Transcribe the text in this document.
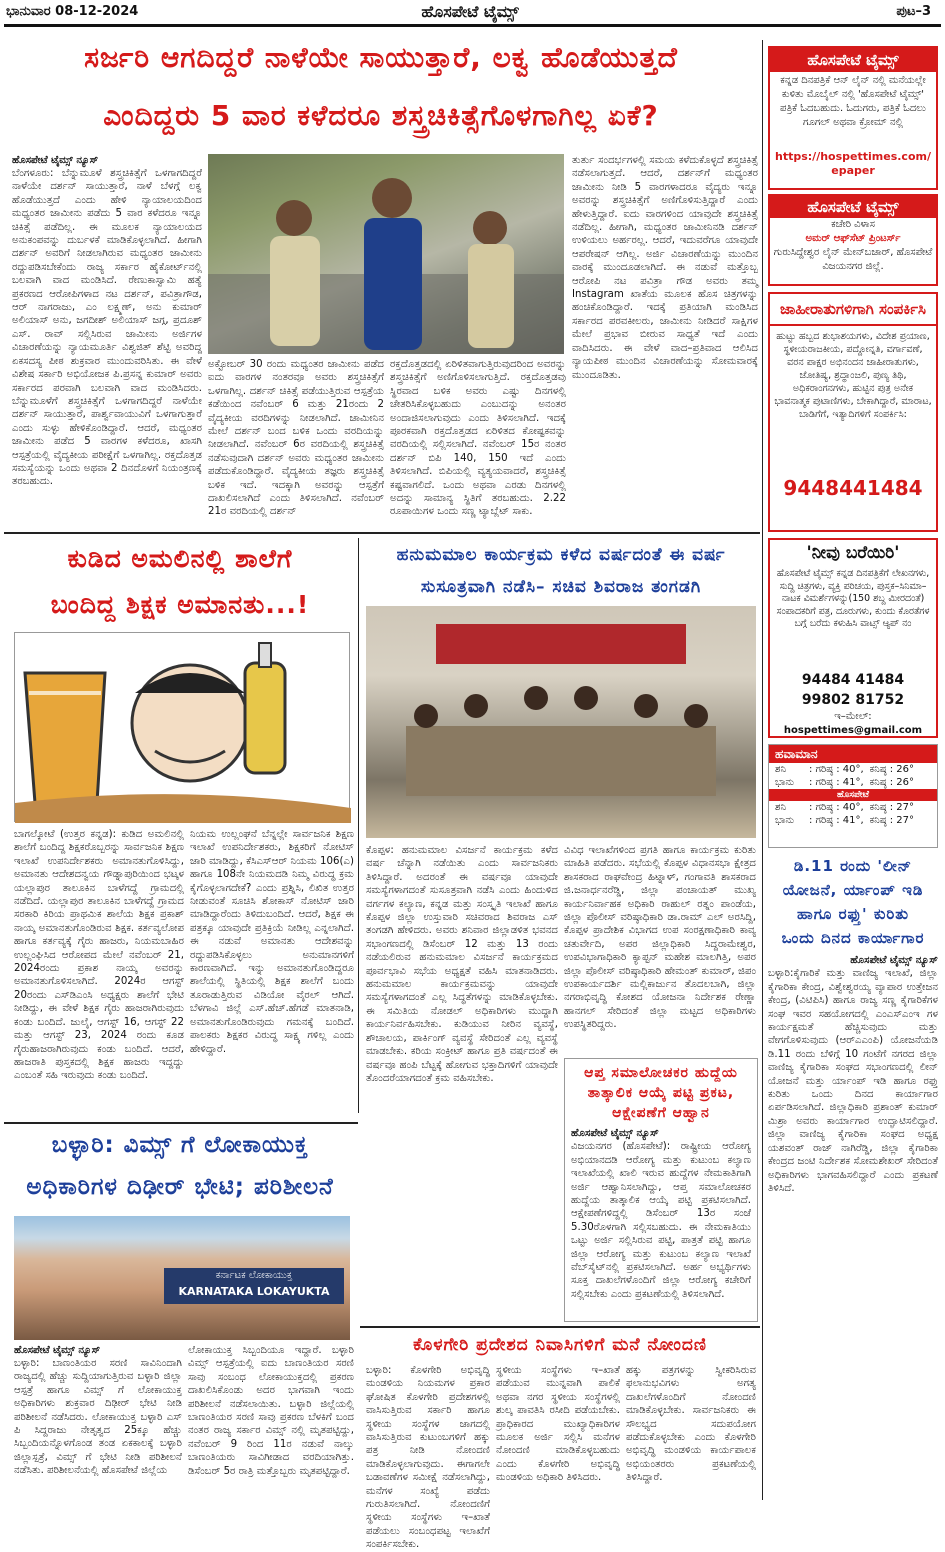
ಭಾನುವಾರ 08-12-2024	ಹೊಸಪೇಟೆ ಟೈಮ್ಸ್	ಪುಟ–3
ಸರ್ಜರಿ ಆಗದಿದ್ದರೆ ನಾಳೆಯೇ ಸಾಯುತ್ತಾರೆ, ಲಕ್ವ ಹೊಡೆಯುತ್ತದೆ
ಎಂದಿದ್ದರು 5 ವಾರ ಕಳೆದರೂ ಶಸ್ತ್ರಚಿಕಿತ್ಸೆಗೊಳಗಾಗಿಲ್ಲ ಏಕೆ?
ಹೊಸಪೇಟೆ ಟೈಮ್ಸ್ ನ್ಯೂಸ್
ಬೆಂಗಳೂರು: ಬೆನ್ನುಮೂಳೆ ಶಸ್ತ್ರಚಿಕಿತ್ಸೆಗೆ ಒಳಗಾಗದಿದ್ದರೆ ನಾಳೆಯೇ ದರ್ಶನ್ ಸಾಯುತ್ತಾರೆ, ನಾಳೆ ಬೆಳಗ್ಗೆ ಲಕ್ವ ಹೊಡೆಯುತ್ತದೆ ಎಂದು ಹೇಳಿ ನ್ಯಾಯಾಲಯದಿಂದ ಮಧ್ಯಂತರ ಜಾಮೀನು ಪಡೆದು 5 ವಾರ ಕಳೆದರೂ ಇನ್ನೂ ಚಿಕಿತ್ಸೆ ಪಡೆದಿಲ್ಲ. ಈ ಮೂಲಕ ನ್ಯಾಯಾಲಯದ ಅನುಕಂಪವನ್ನು ದುರ್ಬಳಕೆ ಮಾಡಿಕೊಳ್ಳಲಾಗಿದೆ. ಹೀಗಾಗಿ ದರ್ಶನ್ ಅವರಿಗೆ ನೀಡಲಾಗಿರುವ ಮಧ್ಯಂತರ ಜಾಮೀನು ರದ್ದುಪಡಿಸಬೇಕೆಂದು ರಾಜ್ಯ ಸರ್ಕಾರ ಹೈಕೋರ್ಟ್‌ನಲ್ಲಿ ಬಲವಾಗಿ ವಾದ ಮಂಡಿಸಿದೆ. ರೇಣುಕಾಸ್ವಾಮಿ ಹತ್ಯೆ ಪ್ರಕರಣದ ಆರೋಪಿಗಳಾದ ನಟ ದರ್ಶನ್, ಪವಿತ್ರಾಗೌಡ, ಆರ್ ನಾಗರಾಜು, ಎಂ ಲಕ್ಷ್ಮಣ್, ಅನು ಕುಮಾರ್ ಅಲಿಯಾಸ್ ಅನು, ಜಗದೀಶ್ ಅಲಿಯಾಸ್ ಜಗ್ಗ, ಪ್ರದೂಶ್ ಎಸ್. ರಾವ್ ಸಲ್ಲಿಸಿರುವ ಜಾಮೀನು ಅರ್ಜಿಗಳ ವಿಚಾರಣೆಯನ್ನು ನ್ಯಾಯಮೂರ್ತಿ ವಿಶ್ವಜಿತ್ ಶೆಟ್ಟಿ ಅವರಿದ್ದ ಏಕಸದಸ್ಯ ಪೀಠ ಶುಕ್ರವಾರ ಮುಂದುವರಿಸಿತು. ಈ ವೇಳೆ ವಿಶೇಷ ಸರ್ಕಾರಿ ಅಭಿಯೋಜಕ ಪಿ.ಪ್ರಸನ್ನ ಕುಮಾರ್ ಅವರು ಸರ್ಕಾರದ ಪರವಾಗಿ ಬಲವಾಗಿ ವಾದ ಮಂಡಿಸಿದರು. ಬೆನ್ನುಮೂಳೆಗೆ ಶಸ್ತ್ರಚಿಕಿತ್ಸೆಗೆ ಒಳಗಾಗದಿದ್ದರೆ ನಾಳೆಯೇ ದರ್ಶನ್ ಸಾಯುತ್ತಾರೆ, ಪಾರ್ಶ್ವವಾಯುವಿಗೆ ಒಳಗಾಗುತ್ತಾರೆ ಎಂದು ಸುಳ್ಳು ಹೇಳಿಕೊಂಡಿದ್ದಾರೆ. ಆದರೆ, ಮಧ್ಯಂತರ ಜಾಮೀನು ಪಡೆದ 5 ವಾರಗಳ ಕಳೆದರೂ, ಖಾಸಗಿ ಆಸ್ಪತ್ರೆಯಲ್ಲಿ ವೈದ್ಯಕೀಯ ಪರೀಕ್ಷೆಗೆ ಒಳಗಾಗಿಲ್ಲ. ರಕ್ತದೊತ್ತಡ ಸಮಸ್ಯೆಯನ್ನು ಒಂದು ಅಥವಾ 2 ದಿನದೊಳಗೆ ನಿಯಂತ್ರಣಕ್ಕೆ ತರಬಹುದು.
ಅಕ್ಟೋಬರ್ 30 ರಂದು ಮಧ್ಯಂತರ ಜಾಮೀನು ಪಡೆದ ಐದು ವಾರಗಳ ನಂತರವೂ ಅವರು ಶಸ್ತ್ರಚಿಕಿತ್ಸೆಗೆ ಒಳಗಾಗಿಲ್ಲ. ದರ್ಶನ್ ಚಿಕಿತ್ಸೆ ಪಡೆಯುತ್ತಿರುವ ಆಸ್ಪತ್ರೆಯ ಕಡೆಯಿಂದ ನವೆಂಬರ್ 6 ಮತ್ತು 21ರಂದು 2 ವೈದ್ಯಕೀಯ ವರದಿಗಳನ್ನು ನೀಡಲಾಗಿದೆ. ಜಾಮೀನಿನ ಮೇಲೆ ದರ್ಶನ್ ಬಂದ ಬಳಿಕ ಒಂದು ವರದಿಯನ್ನು ನೀಡಲಾಗಿದೆ. ನವೆಂಬರ್ 6ರ ವರದಿಯಲ್ಲಿ ಶಸ್ತ್ರಚಿಕಿತ್ಸೆ ನಡೆಸುವುದಾಗಿ ದರ್ಶನ್ ಅವರು ಮಧ್ಯಂತರ ಜಾಮೀನು ಪಡೆದುಕೊಂಡಿದ್ದಾರೆ. ವೈದ್ಯಕೀಯ ತಜ್ಞರು ಶಸ್ತ್ರಚಿಕಿತ್ಸೆ ಬಳಿಕ ಇದೆ. ಇದಕ್ಕಾಗಿ ಅವರನ್ನು ಆಸ್ಪತ್ರೆಗೆ ದಾಖಲಿಸಲಾಗಿದೆ ಎಂದು ತಿಳಿಸಲಾಗಿದೆ. ನವೆಂಬರ್ 21ರ ವರದಿಯಲ್ಲಿ ದರ್ಶನ್
ರಕ್ತದೊತ್ತಡದಲ್ಲಿ ಏರಿಳಿತವಾಗುತ್ತಿರುವುದರಿಂದ ಅವರನ್ನು ಶಸ್ತ್ರಚಿಕಿತ್ಸೆಗೆ ಅಣಿಗೊಳಿಸಲಾಗುತ್ತಿದೆ. ರಕ್ತದೊತ್ತಡವು ಸ್ಥಿರವಾದ ಬಳಿಕ ಅವರು ಎಷ್ಟು ದಿನಗಳಲ್ಲಿ ಚೇತರಿಸಿಕೊಳ್ಳಬಹುದು ಎಂಬುದನ್ನು ಅನಂತರ ಅಂದಾಜಿಸಲಾಗುವುದು ಎಂದು ತಿಳಿಸಲಾಗಿದೆ. ಇದಕ್ಕೆ ಪೂರಕವಾಗಿ ರಕ್ತದೊತ್ತಡದ ಏರಿಳಿತದ ಕೋಷ್ಟಕವನ್ನು ವರದಿಯಲ್ಲಿ ಸಲ್ಲಿಸಲಾಗಿದೆ. ನವೆಂಬರ್ 15ರ ನಂತರ ದರ್ಶನ್ ಬಿಪಿ 140, 150 ಇದೆ ಎಂದು ತಿಳಿಸಲಾಗಿದೆ. ಬಿಪಿಯಲ್ಲಿ ವ್ಯತ್ಯಯವಾದರೆ, ಶಸ್ತ್ರಚಿಕಿತ್ಸೆ ಕಷ್ಟವಾಗಲಿದೆ. ಒಂದು ಅಥವಾ ಎರಡು ದಿನಗಳಲ್ಲಿ ಅದನ್ನು ಸಾಮಾನ್ಯ ಸ್ಥಿತಿಗೆ ತರಬಹುದು. 2.22 ರೂಪಾಯಿಗಳ ಒಂದು ಸಣ್ಣ ಟ್ಯಾಬ್ಲೆಟ್ ಸಾಕು.
ತುರ್ತು ಸಂದರ್ಭಗಳಲ್ಲಿ ಸಮಯ ಕಳೆದುಕೊಳ್ಳದೆ ಶಸ್ತ್ರಚಿಕಿತ್ಸೆ ನಡೆಸಲಾಗುತ್ತದೆ. ಆದರೆ, ದರ್ಶನ್‌ಗೆ ಮಧ್ಯಂತರ ಜಾಮೀನು ನೀಡಿ 5 ವಾರಗಳಾದರೂ ವೈದ್ಯರು ಇನ್ನೂ ಅವರನ್ನು ಶಸ್ತ್ರಚಿಕಿತ್ಸೆಗೆ ಅಣಿಗೊಳಿಸುತ್ತಿದ್ದಾರೆ ಎಂದು ಹೇಳುತ್ತಿದ್ದಾರೆ. ಐದು ವಾರಗಳಿಂದ ಯಾವುದೇ ಶಸ್ತ್ರಚಿಕಿತ್ಸೆ ನಡೆದಿಲ್ಲ. ಹೀಗಾಗಿ, ಮಧ್ಯಂತರ ಜಾಮೀನಿನಡಿ ದರ್ಶನ್ ಉಳಿಯಲು ಅರ್ಹರಲ್ಲ. ಆದರೆ, ಇದುವರೆಗೂ ಯಾವುದೇ ಆಪರೇಷನ್ ಆಗಿಲ್ಲ. ಅರ್ಜಿ ವಿಚಾರಣೆಯನ್ನು ಮುಂದಿನ ವಾರಕ್ಕೆ ಮುಂದೂಡಲಾಗಿದೆ. ಈ ನಡುವೆ ಮತ್ತೊಬ್ಬ ಆರೋಪಿ ನಟ ಪವಿತ್ರಾ ಗೌಡ ಅವರು ತಮ್ಮ Instagram ಖಾತೆಯ ಮೂಲಕ ಹೊಸ ಚಿತ್ರಗಳನ್ನು ಹಂಚಿಕೊಂಡಿದ್ದಾರೆ. ಇದಕ್ಕೆ ಪ್ರತಿಯಾಗಿ ಮಂಡಿಸಿದ ಸರ್ಕಾರದ ಪರವಕೀಲರು, ಜಾಮೀನು ನೀಡಿದರೆ ಸಾಕ್ಷಿಗಳ ಮೇಲೆ ಪ್ರಭಾವ ಬೀರುವ ಸಾಧ್ಯತೆ ಇದೆ ಎಂದು ವಾದಿಸಿದರು. ಈ ವೇಳೆ ವಾದ–ಪ್ರತಿವಾದ ಆಲಿಸಿದ ನ್ಯಾಯಪೀಠ ಮುಂದಿನ ವಿಚಾರಣೆಯನ್ನು ಸೋಮವಾರಕ್ಕೆ ಮುಂದೂಡಿತು.
ಕುಡಿದ ಅಮಲಿನಲ್ಲಿ ಶಾಲೆಗೆ
ಬಂದಿದ್ದ ಶಿಕ್ಷಕ ಅಮಾನತು...!
ಬಾಗಲ್ಕೋಟೆ (ಉತ್ತರ ಕನ್ನಡ): ಕುಡಿದ ಅಮಲಿನಲ್ಲಿ ಶಾಲೆಗೆ ಬಂದಿದ್ದ ಶಿಕ್ಷಕರೊಬ್ಬರನ್ನು ಸಾರ್ವಜನಿಕ ಶಿಕ್ಷಣ ಇಲಾಖೆ ಉಪನಿರ್ದೇಶಕರು ಅಮಾನತುಗೊಳಿಸಿದ್ದು, ಅಮಾನತು ಆದೇಶದನ್ವಯ ಗೌಡ್ನಾಪುರಿಯಿಂದ ಭಟ್ಕಳ ಯಲ್ಲಾಪುರ ತಾಲೂಕಿನ ಬಾಳೆಗದ್ದೆ ಗ್ರಾಮದಲ್ಲಿ ನಡೆದಿದೆ. ಯಲ್ಲಾಪುರ ತಾಲೂಕಿನ ಬಾಳೆಗದ್ದೆ ಗ್ರಾಮದ ಸರಕಾರಿ ಕಿರಿಯ ಪ್ರಾಥಮಿಕ ಶಾಲೆಯ ಶಿಕ್ಷಕ ಪ್ರಕಾಶ್ ನಾಯ್ಕ ಅಮಾನತುಗೊಂಡಿರುವ ಶಿಕ್ಷಕ. ಕರ್ತವ್ಯಲೋಪ ಹಾಗೂ ಕರ್ತವ್ಯಕ್ಕೆ ಗೈರು ಹಾಜರು, ನಿಯಮಬಾಹಿರ ಉಲ್ಲಂಘಿಸಿದ ಆರೋಪದ ಮೇಲೆ ನವೆಂಬರ್ 21, 2024ರಂದು ಪ್ರಕಾಶ ನಾಯ್ಕ ಅವರನ್ನು ಅಮಾನತುಗೊಳಿಸಲಾಗಿದೆ. 2024ರ ಆಗಸ್ಟ್ 20ರಂದು ಎಸ್‌ಡಿಎಂಸಿ ಅಧ್ಯಕ್ಷರು ಶಾಲೆಗೆ ಭೇಟಿ ನೀಡಿದ್ದು, ಈ ವೇಳೆ ಶಿಕ್ಷಕ ಗೈರು ಹಾಜರಾಗಿರುವುದು ಕಂಡು ಬಂದಿದೆ. ಜುಲೈ, ಆಗಸ್ಟ್ 16, ಆಗಸ್ಟ್ 22 ಮತ್ತು ಆಗಸ್ಟ್ 23, 2024 ರಂದು ಕೂಡ ಗೈರುಹಾಜರಾಗಿರುವುದು ಕಂಡು ಬಂದಿದೆ. ಆದರೆ, ಹಾಜರಾತಿ ಪುಸ್ತಕದಲ್ಲಿ ಶಿಕ್ಷಕ ಹಾಜರು ಇದ್ದದ್ದು ಎಂಬಂತೆ ಸಹಿ ಇರುವುದು ಕಂಡು ಬಂದಿದೆ.
ನಿಯಮ ಉಲ್ಲಂಘನೆ ಬೆನ್ನಲ್ಲೇ ಸಾರ್ವಜನಿಕ ಶಿಕ್ಷಣ ಇಲಾಖೆ ಉಪನಿರ್ದೇಶಕರು, ಶಿಕ್ಷಕರಿಗೆ ನೋಟಿಸ್ ಜಾರಿ ಮಾಡಿದ್ದು, ಕೆಸಿಎಸ್‌ಆರ್ ನಿಯಮ 106(ಎ) ಹಾಗೂ 108ನೇ ನಿಯಮದಡಿ ನಿಮ್ಮ ವಿರುದ್ಧ ಕ್ರಮ ಕೈಗೊಳ್ಳಲಾಗದೇಕೆ? ಎಂದು ಪ್ರಶ್ನಿಸಿ, ಲಿಖಿತ ಉತ್ತರ ನೀಡುವಂತೆ ಸೂಚಿಸಿ ಶೋಕಾಸ್ ನೋಟಿಸ್ ಜಾರಿ ಮಾಡಿದ್ದಾರೆಂದು ತಿಳಿದುಬಂದಿದೆ. ಆದರೆ, ಶಿಕ್ಷಕ ಈ ಪತ್ರಕ್ಕೂ ಯಾವುದೇ ಪ್ರತಿಕ್ರಿಯೆ ನೀಡಿಲ್ಲ ಎನ್ನಲಾಗಿದೆ. ಈ ನಡುವೆ ಅಮಾನತು ಆದೇಶವನ್ನು ರದ್ದುಪಡಿಸಿಕೊಳ್ಳಲು ಅನುಮಾನಗಳಿಗೆ ಕಾರಣವಾಗಿದೆ. ಇನ್ನು ಅಮಾನತುಗೊಂಡಿದ್ದರೂ ಶಾಲೆಯಲ್ಲಿ ಸ್ಥಿತಿಯಲ್ಲಿ ಶಿಕ್ಷಕ ಶಾಲೆಗೆ ಬಂದು ತೂರಾಡುತ್ತಿರುವ ವಿಡಿಯೋ ವೈರಲ್ ಆಗಿದೆ. ಬೆಳಗಾವಿ ಜಿಲ್ಲೆ ಎಸ್.ಹೆಚ್.ಹೆಗಡೆ ಮಾತನಾಡಿ, ಅಮಾನತುಗೊಂಡಿರುವುದು ಗಮನಕ್ಕೆ ಬಂದಿದೆ. ಪಾಲಕರು ಶಿಕ್ಷಕರ ವಿರುದ್ಧ ಸಾಕ್ಷ್ಯ ಗಳಿಲ್ಲ ಎಂದು ಹೇಳಿದ್ದಾರೆ.
ಬಳ್ಳಾರಿ: ವಿಮ್ಸ್ ಗೆ ಲೋಕಾಯುಕ್ತ
ಅಧಿಕಾರಿಗಳ ದಿಢೀರ್ ಭೇಟಿ; ಪರಿಶೀಲನೆ
ಕರ್ನಾಟಕ ಲೋಕಾಯುಕ್ತ
KARNATAKA LOKAYUKTA
ಹೊಸಪೇಟೆ ಟೈಮ್ಸ್ ನ್ಯೂಸ್
ಬಳ್ಳಾರಿ: ಬಾಣಂತಿಯರ ಸರಣಿ ಸಾವಿನಿಂದಾಗಿ ರಾಜ್ಯದಲ್ಲಿ ಹೆಚ್ಚು ಸುದ್ದಿಯಾಗುತ್ತಿರುವ ಬಳ್ಳಾರಿ ಜಿಲ್ಲಾ ಆಸ್ಪತ್ರೆ ಹಾಗೂ ವಿಮ್ಸ್ ಗೆ ಲೋಕಾಯುಕ್ತ ಅಧಿಕಾರಿಗಳು ಶುಕ್ರವಾರ ದಿಢೀರ್ ಭೇಟಿ ನೀಡಿ ಪರಿಶೀಲನೆ ನಡೆಸಿದರು. ಲೋಕಾಯುಕ್ತ ಬಳ್ಳಾರಿ ಎಸ್ ಪಿ ಸಿದ್ದರಾಜು ನೇತೃತ್ವದ 25ಕ್ಕೂ ಹೆಚ್ಚು ಸಿಬ್ಬಂದಿಯನ್ನೊಳಗೊಂಡ ತಂಡ ಏಕಕಾಲಕ್ಕೆ ಬಳ್ಳಾರಿ ಜಿಲ್ಲಾಸ್ಪತ್ರೆ, ವಿಮ್ಸ್ ಗೆ ಭೇಟಿ ನೀಡಿ ಪರಿಶೀಲನೆ ನಡೆಸಿತು. ಪರಿಶೀಲನೆಯಲ್ಲಿ ಹೊಸಪೇಟೆ ಜಿಲ್ಲೆಯ
ಲೋಕಾಯುಕ್ತ ಸಿಬ್ಬಂದಿಯೂ ಇದ್ದಾರೆ. ಬಳ್ಳಾರಿ ವಿಮ್ಸ್ ಆಸ್ಪತ್ರೆಯಲ್ಲಿ ಐದು ಬಾಣಂತಿಯರ ಸರಣಿ ಸಾವು ಸಂಬಂಧ ಲೋಕಾಯುಕ್ತದಲ್ಲಿ ಪ್ರಕರಣ ದಾಖಲಿಸಿಕೊಂಡು ಅದರ ಭಾಗವಾಗಿ ಇಂದು ಪರಿಶೀಲನೆ ನಡೆಸಲಾಯಿತು. ಬಳ್ಳಾರಿ ಜಿಲ್ಲೆಯಲ್ಲಿ ಬಾಣಂತಿಯರ ಸರಣಿ ಸಾವು ಪ್ರಕರಣ ಬೆಳಕಿಗೆ ಬಂದ ನಂತರ ರಾಜ್ಯ ಸರ್ಕಾರ ವಿಮ್ಸ್ ನಲ್ಲಿ ಮೃತಪಟ್ಟಿದ್ದು, ನವೆಂಬರ್ 9 ರಿಂದ 11ರ ನಡುವೆ ನಾಲ್ಕು ಬಾಣಂತಿಯರು ಸಾವಿಗೀಡಾದ ವರದಿಯಾಗಿತ್ತು. ಡಿಸೆಂಬರ್ 5ರ ರಾತ್ರಿ ಮತ್ತೊಬ್ಬರು ಮೃತಪಟ್ಟಿದ್ದಾರೆ.
ಹನುಮಮಾಲ ಕಾರ್ಯಕ್ರಮ ಕಳೆದ ವರ್ಷದಂತೆ ಈ ವರ್ಷ
ಸುಸೂತ್ರವಾಗಿ ನಡೆಸಿ– ಸಚಿವ ಶಿವರಾಜ ತಂಗಡಗಿ
ಕೊಪ್ಪಳ: ಹನುಮಮಾಲ ವಿಸರ್ಜನೆ ಕಾರ್ಯಕ್ರಮ ಕಳೆದ ವರ್ಷ ಚೆನ್ನಾಗಿ ನಡೆಯಿತು ಎಂದು ಸಾರ್ವಜನಿಕರು ತಿಳಿಸಿದ್ದಾರೆ. ಅದರಂತೆ ಈ ವರ್ಷವೂ ಯಾವುದೇ ಸಮಸ್ಯೆಗಳಾಗದಂತೆ ಸುಸೂತ್ರವಾಗಿ ನಡೆಸಿ ಎಂದು ಹಿಂದುಳಿದ ವರ್ಗಗಳ ಕಲ್ಯಾಣ, ಕನ್ನಡ ಮತ್ತು ಸಂಸ್ಕೃತಿ ಇಲಾಖೆ ಹಾಗೂ ಕೊಪ್ಪಳ ಜಿಲ್ಲಾ ಉಸ್ತುವಾರಿ ಸಚಿವರಾದ ಶಿವರಾಜ ಎಸ್ ತಂಗಡಗಿ ಹೇಳಿದರು. ಅವರು ಶನಿವಾರ ಜಿಲ್ಲಾಡಳಿತ ಭವನದ ಸಭಾಂಗಣದಲ್ಲಿ ಡಿಸೆಂಬರ್ 12 ಮತ್ತು 13 ರಂದು ನಡೆಯಲಿರುವ ಹನುಮಮಾಲ ವಿಸರ್ಜನೆ ಕಾರ್ಯಕ್ರಮದ ಪೂರ್ವಭಾವಿ ಸಭೆಯ ಅಧ್ಯಕ್ಷತೆ ವಹಿಸಿ ಮಾತನಾಡಿದರು. ಹನುಮಮಾಲ ಕಾರ್ಯಕ್ರಮವನ್ನು ಯಾವುದೇ ಸಮಸ್ಯೆಗಳಾಗದಂತೆ ಎಲ್ಲ ಸಿದ್ಧತೆಗಳನ್ನು ಮಾಡಿಕೊಳ್ಳಬೇಕು. ಈ ಸಮಿತಿಯ ನೋಡಲ್ ಅಧಿಕಾರಿಗಳು ಮುದ್ದಾಗಿ ಕಾರ್ಯನಿರ್ವಹಿಸಬೇಕು. ಕುಡಿಯುವ ನೀರಿನ ವ್ಯವಸ್ಥೆ, ಶೌಚಾಲಯ, ಪಾರ್ಕಿಂಗ್ ವ್ಯವಸ್ಥೆ ಸೇರಿದಂತೆ ಎಲ್ಲ ವ್ಯವಸ್ಥೆ ಮಾಡಬೇಕು. ಕರಿಯ ಸಂಕ್ರೀಟ್ ಹಾಗೂ ಪ್ರತಿ ವರ್ಷದಂತೆ ಈ ವರ್ಷವೂ ಹಂಪಿ ಬೆಟ್ಟಕ್ಕೆ ಹೋಗುವ ಭಕ್ತಾದಿಗಳಿಗೆ ಯಾವುದೇ ತೊಂದರೆಯಾಗದಂತೆ ಕ್ರಮ ವಹಿಸಬೇಕು.
ವಿವಿಧ ಇಲಾಖೆಗಳಿಂದ ಪ್ರಗತಿ ಹಾಗೂ ಕಾರ್ಯಕ್ರಮ ಕುರಿತು ಮಾಹಿತಿ ಪಡೆದರು. ಸಭೆಯಲ್ಲಿ ಕೊಪ್ಪಳ ವಿಧಾನಸಭಾ ಕ್ಷೇತ್ರದ ಶಾಸಕರಾದ ರಾಘವೇಂದ್ರ ಹಿಟ್ನಾಳ್, ಗಂಗಾವತಿ ಶಾಸಕರಾದ ಜಿ.ಜನಾರ್ಧನರೆಡ್ಡಿ, ಜಿಲ್ಲಾ ಪಂಚಾಯತ್ ಮುಖ್ಯ ಕಾರ್ಯನಿರ್ವಾಹಕ ಅಧಿಕಾರಿ ರಾಹುಲ್ ರತ್ನಂ ಪಾಂಡೆಯ, ಜಿಲ್ಲಾ ಪೊಲೀಸ್ ವರಿಷ್ಠಾಧಿಕಾರಿ ಡಾ.ರಾಮ್ ಎಲ್ ಅರಸಿದ್ದಿ, ಕೊಪ್ಪಳ ಪ್ರಾದೇಶಿಕ ವಿಭಾಗದ ಉಪ ಸಂರಕ್ಷಣಾಧಿಕಾರಿ ಕಾವ್ಯ ಚತುರ್ವೇದಿ, ಅಪರ ಜಿಲ್ಲಾಧಿಕಾರಿ ಸಿದ್ದರಾಮೇಶ್ವರ, ಉಪವಿಭಾಗಾಧಿಕಾರಿ ಕ್ಯಾಪ್ಟನ್ ಮಹೇಶ ಮಾಲಗಿತ್ತಿ, ಅಪರ ಜಿಲ್ಲಾ ಪೊಲೀಸ್ ವರಿಷ್ಠಾಧಿಕಾರಿ ಹೇಮಂತ್ ಕುಮಾರ್, ಜಿಪಂ ಉಪಕಾರ್ಯದರ್ಶಿ ಮಲ್ಲಿಕಾರ್ಜುನ ತೊದಲಬಾಗಿ, ಜಿಲ್ಲಾ ನಗರಾಭಿವೃದ್ಧಿ ಕೋಶದ ಯೋಜನಾ ನಿರ್ದೇಶಕ ರೇಣ್ಣಾ ಹಾನಗಲ್ ಸೇರಿದಂತೆ ಜಿಲ್ಲಾ ಮಟ್ಟದ ಅಧಿಕಾರಿಗಳು ಉಪಸ್ಥಿತರಿದ್ದರು.
ಆಪ್ತ ಸಮಾಲೋಚಕರ ಹುದ್ದೆಯ
ತಾತ್ಕಾಲಿಕ ಆಯ್ಕೆ ಪಟ್ಟಿ ಪ್ರಕಟ,
ಆಕ್ಷೇಪಣೆಗೆ ಆಹ್ವಾನ
ಹೊಸಪೇಟೆ ಟೈಮ್ಸ್ ನ್ಯೂಸ್
ವಿಜಯನಗರ (ಹೊಸಪೇಟೆ): ರಾಷ್ಟ್ರೀಯ ಆರೋಗ್ಯ ಅಭಿಯಾನದಡಿ ಆರೋಗ್ಯ ಮತ್ತು ಕುಟುಂಬ ಕಲ್ಯಾಣ ಇಲಾಖೆಯಲ್ಲಿ ಖಾಲಿ ಇರುವ ಹುದ್ದೆಗಳ ನೇಮಕಾತಿಗಾಗಿ ಅರ್ಜಿ ಆಹ್ವಾನಿಸಲಾಗಿದ್ದು, ಆಪ್ತ ಸಮಾಲೋಚಕರ ಹುದ್ದೆಯ ತಾತ್ಕಾಲಿಕ ಆಯ್ಕೆ ಪಟ್ಟಿ ಪ್ರಕಟಿಸಲಾಗಿದೆ. ಆಕ್ಷೇಪಣೆಗಳಿದ್ದಲ್ಲಿ ಡಿಸೆಂಬರ್ 13ರ ಸಂಜೆ 5.30ರೊಳಗಾಗಿ ಸಲ್ಲಿಸಬಹುದು. ಈ ನೇಮಕಾತಿಯು ಒಟ್ಟು ಅರ್ಜಿ ಸಲ್ಲಿಸಿರುವ ಪಟ್ಟಿ, ಪಾತ್ರತೆ ಪಟ್ಟಿ ಹಾಗೂ ಜಿಲ್ಲಾ ಆರೋಗ್ಯ ಮತ್ತು ಕುಟುಂಬ ಕಲ್ಯಾಣ ಇಲಾಖೆ ವೆಬ್‌ಸೈಟ್‌ನಲ್ಲಿ ಪ್ರಕಟಿಸಲಾಗಿದೆ. ಅರ್ಹ ಅಭ್ಯರ್ಥಿಗಳು ಸೂಕ್ತ ದಾಖಲೆಗಳೊಂದಿಗೆ ಜಿಲ್ಲಾ ಆರೋಗ್ಯ ಕಚೇರಿಗೆ ಸಲ್ಲಿಸಬೇಕು ಎಂದು ಪ್ರಕಟಣೆಯಲ್ಲಿ ತಿಳಿಸಲಾಗಿದೆ.
ಕೊಳಗೇರಿ ಪ್ರದೇಶದ ನಿವಾಸಿಗಳಿಗೆ ಮನೆ ನೋಂದಣಿ
ಬಳ್ಳಾರಿ: ಕೊಳಗೇರಿ ಅಭಿವೃದ್ಧಿ ಮಂಡಳಿಯ ನಿಯಮಗಳ ಪ್ರಕಾರ ಘೋಷಿತ ಕೊಳಗೇರಿ ಪ್ರದೇಶಗಳಲ್ಲಿ ವಾಸಿಸುತ್ತಿರುವ ಸರ್ಕಾರಿ ಹಾಗೂ ಸ್ಥಳೀಯ ಸಂಸ್ಥೆಗಳ ಜಾಗದಲ್ಲಿ ವಾಸಿಸುತ್ತಿರುವ ಕುಟುಂಬಗಳಿಗೆ ಹಕ್ಕು ಪತ್ರ ನೀಡಿ ನೋಂದಣಿ ಮಾಡಿಕೊಳ್ಳಲಾಗುವುದು. ಈಗಾಗಲೇ ಬಡಾವಣೆಗಳ ಸಮೀಕ್ಷೆ ನಡೆಸಲಾಗಿದ್ದು, ಮನೆಗಳ ಸಂಖ್ಯೆ ಪಡೆದು ಗುರುತಿಸಲಾಗಿದೆ. ನೋಂದಣಿಗೆ ಸ್ಥಳೀಯ ಸಂಸ್ಥೆಗಳು ಇ–ಖಾತೆ ಪಡೆಯಲು ಸಂಬಂಧಪಟ್ಟ ಇಲಾಖೆಗೆ ಸಂಪರ್ಕಿಸಬೇಕು.
ಸ್ಥಳೀಯ ಸಂಸ್ಥೆಗಳು ಇ–ಖಾತೆ ಪಡೆಯುವ ಮುನ್ನವಾಗಿ ಪಾಲಿಕೆ ಅಥವಾ ನಗರ ಸ್ಥಳೀಯ ಸಂಸ್ಥೆಗಳಲ್ಲಿ ಶುಲ್ಕ ಪಾವತಿಸಿ ರಸೀದಿ ಪಡೆಯಬೇಕು. ಪ್ರಾಧಿಕಾರದ ಮುಖ್ಯಾಧಿಕಾರಿಗಳ ಮೂಲಕ ಅರ್ಜಿ ಸಲ್ಲಿಸಿ ಮನೆಗಳ ನೋಂದಣಿ ಮಾಡಿಕೊಳ್ಳಬಹುದು ಎಂದು ಕೊಳಗೇರಿ ಅಭಿವೃದ್ಧಿ ಮಂಡಳಿಯ ಅಧಿಕಾರಿ ತಿಳಿಸಿದರು.
ಹಕ್ಕು ಪತ್ರಗಳನ್ನು ಸ್ವೀಕರಿಸಿರುವ ಫಲಾನುಭವಿಗಳು ಅಗತ್ಯ ದಾಖಲೆಗಳೊಂದಿಗೆ ನೋಂದಣಿ ಮಾಡಿಕೊಳ್ಳಬೇಕು. ಸಾರ್ವಜನಿಕರು ಈ ಸೌಲಭ್ಯದ ಸದುಪಯೋಗ ಪಡೆದುಕೊಳ್ಳಬೇಕು ಎಂದು ಕೊಳಗೇರಿ ಅಭಿವೃದ್ಧಿ ಮಂಡಳಿಯ ಕಾರ್ಯಪಾಲಕ ಅಭಿಯಂತರರು ಪ್ರಕಟಣೆಯಲ್ಲಿ ತಿಳಿಸಿದ್ದಾರೆ.
ಹೊಸಪೇಟೆ ಟೈಮ್ಸ್
ಕನ್ನಡ ದಿನಪತ್ರಿಕೆ ಆನ್ ಲೈನ್ ನಲ್ಲಿ ಮನೆಯಲ್ಲೇ ಕುಳಿತು ಮೊಬೈಲ್ ನಲ್ಲಿ 'ಹೊಸಪೇಟೆ ಟೈಮ್ಸ್' ಪತ್ರಿಕೆ ಓದಬಹುದು. ಓದುಗರು, ಪತ್ರಿಕೆ ಓದಲು ಗೂಗಲ್ ಅಥವಾ ಕ್ರೋಮ್ ನಲ್ಲಿ
https://hospettimes.com/ epaper
ಹೊಸಪೇಟೆ ಟೈಮ್ಸ್
ಕಚೇರಿ ವಿಳಾಸ
ಅಮರ್ ಆಫ್‌ಸೆಟ್ ಪ್ರಿಂಟರ್ಸ್
ಗುರುಸಿದ್ದೇಶ್ವರ ಲೈನ್ ಮೇನ್‌ಬಜಾರ್, ಹೊಸಪೇಟೆ ವಿಜಯನಗರ ಜಿಲ್ಲೆ.
ಜಾಹೀರಾತುಗಳಿಗಾಗಿ ಸಂಪರ್ಕಿಸಿ
ಹುಟ್ಟು ಹಬ್ಬದ ಶುಭಾಶಯಗಳು, ವಿದೇಶ ಪ್ರಯಾಣ, ಸ್ಥಳೀಯರಾಜಕೀಯ, ಪದ್ದೋನ್ನತಿ, ವರ್ಗಾವಣೆ, ವರನ ಪಾಕ್ಷರ ಅಭಿನಂದನ ಜಾಹೀರಾತುಗಳು, ಜೋತಿಷ್ಯ, ಶ್ರದ್ಧಾಂಜಲಿ, ಪುಣ್ಯ ತಿಥಿ, ಅಧಿಕರಾಂಗನಗಳು, ಹುಟ್ಟಿನ ಪುತ್ರ ಅನೇಕ ಭಾವನಾತ್ಮಕ ಪುಟಾಣಿಗಳು, ಬೇಕಾಗಿದ್ದಾರೆ, ಮಾರಾಟ, ಬಾಡಿಗೆಗೆ, ಇತ್ಯಾದಿಗಳಿಗೆ ಸಂಪರ್ಕಿಸಿ:
9448441484
'ನೀವು ಬರೆಯಿರಿ'
ಹೊಸಪೇಟೆ ಟೈಮ್ಸ್ ಕನ್ನಡ ದಿನಪತ್ರಿಕೆಗೆ ಲೇಖನಗಳು, ಸುದ್ದಿ ಚಿತ್ರಗಳು, ವ್ಯಕ್ತಿ ಪರಿಚಯ, ಪುಸ್ತಕ–ಸಿನಿಮಾ–ನಾಟಕ ವಿಮರ್ಶೆಗಳನ್ನು(150 ಶಬ್ದ ಮೀರದಂತೆ) ಸಂಪಾದಕರಿಗೆ ಪತ್ರ, ದೂರುಗಳು, ಕುಂದು ಕೊರತೆಗಳ ಬಗ್ಗೆ ಬರೆದು ಕಳುಹಿಸಿ ವಾಟ್ಸ್ ಆ್ಯಪ್ ನಂ
94484 41484
99802 81752
ಇ–ಮೇಲ್: hospettimes@gmail.com
ಹವಾಮಾನ
ಶನಿ	: ಗರಿಷ್ಠ : 40°, ಕನಿಷ್ಠ : 26°
ಭಾನು	: ಗರಿಷ್ಠ : 41°, ಕನಿಷ್ಠ : 26°
ಹೊಸಪೇಟೆ
ಶನಿ	: ಗರಿಷ್ಠ : 40°, ಕನಿಷ್ಠ : 27°
ಭಾನು	: ಗರಿಷ್ಠ : 41°, ಕನಿಷ್ಠ : 27°
ಡಿ.11 ರಂದು 'ಲೀನ್
ಯೋಜನೆ, ರ್ಯಾಂಪ್ ಇಡಿ
ಹಾಗೂ ರಫ್ತು' ಕುರಿತು
ಒಂದು ದಿನದ ಕಾರ್ಯಾಗಾರ
ಹೊಸಪೇಟೆ ಟೈಮ್ಸ್ ನ್ಯೂಸ್
ಬಳ್ಳಾರಿ:ಕೈಗಾರಿಕೆ ಮತ್ತು ವಾಣಿಜ್ಯ ಇಲಾಖೆ, ಜಿಲ್ಲಾ ಕೈಗಾರಿಕಾ ಕೇಂದ್ರ, ವಿಶ್ವೇಶ್ವರಯ್ಯ ವ್ಯಾಪಾರ ಉತ್ತೇಜನ ಕೇಂದ್ರ, (ವಿಟಿಪಿಸಿ) ಹಾಗೂ ರಾಜ್ಯ ಸಣ್ಣ ಕೈಗಾರಿಕೆಗಳ ಸಂಘ ಇವರ ಸಹಯೋಗದಲ್ಲಿ ಎಂಎಸ್‌ಎಂಇ ಗಳ ಕಾರ್ಯಕ್ಷಮತೆ ಹೆಚ್ಚಿಸುವುದು ಮತ್ತು ವೇಗಗೊಳಿಸುವುದು (ಆರ್‌ಎಎಂಪಿ) ಯೋಜನೆಯಡಿ ಡಿ.11 ರಂದು ಬೆಳಿಗ್ಗೆ 10 ಗಂಟೆಗೆ ನಗರದ ಜಿಲ್ಲಾ ವಾಣಿಜ್ಯ ಕೈಗಾರಿಕಾ ಸಂಘದ ಸಭಾಂಗಣದಲ್ಲಿ ಲೀನ್ ಯೋಜನೆ ಮತ್ತು ರ್ಯಾಂಪ್ ಇಡಿ ಹಾಗೂ ರಫ್ತು ಕುರಿತು ಒಂದು ದಿನದ ಕಾರ್ಯಾಗಾರ ಏರ್ಪಡಿಸಲಾಗಿದೆ. ಜಿಲ್ಲಾಧಿಕಾರಿ ಪ್ರಶಾಂತ್ ಕುಮಾರ್ ಮಿಶ್ರಾ ಅವರು ಕಾರ್ಯಾಗಾರ ಉದ್ಘಾಟಿಸಲಿದ್ದಾರೆ. ಜಿಲ್ಲಾ ವಾಣಿಜ್ಯ ಕೈಗಾರಿಕಾ ಸಂಘದ ಅಧ್ಯಕ್ಷ ಯಶವಂತ್ ರಾಜ್ ನಾಗಿರೆಡ್ಡಿ, ಜಿಲ್ಲಾ ಕೈಗಾರಿಕಾ ಕೇಂದ್ರದ ಜಂಟಿ ನಿರ್ದೇಶಕ ಸೋಮಶೇಖರ್ ಸೇರಿದಂತೆ ಅಧಿಕಾರಿಗಳು ಭಾಗವಹಿಸಲಿದ್ದಾರೆ ಎಂದು ಪ್ರಕಟಣೆ ತಿಳಿಸಿದೆ.
